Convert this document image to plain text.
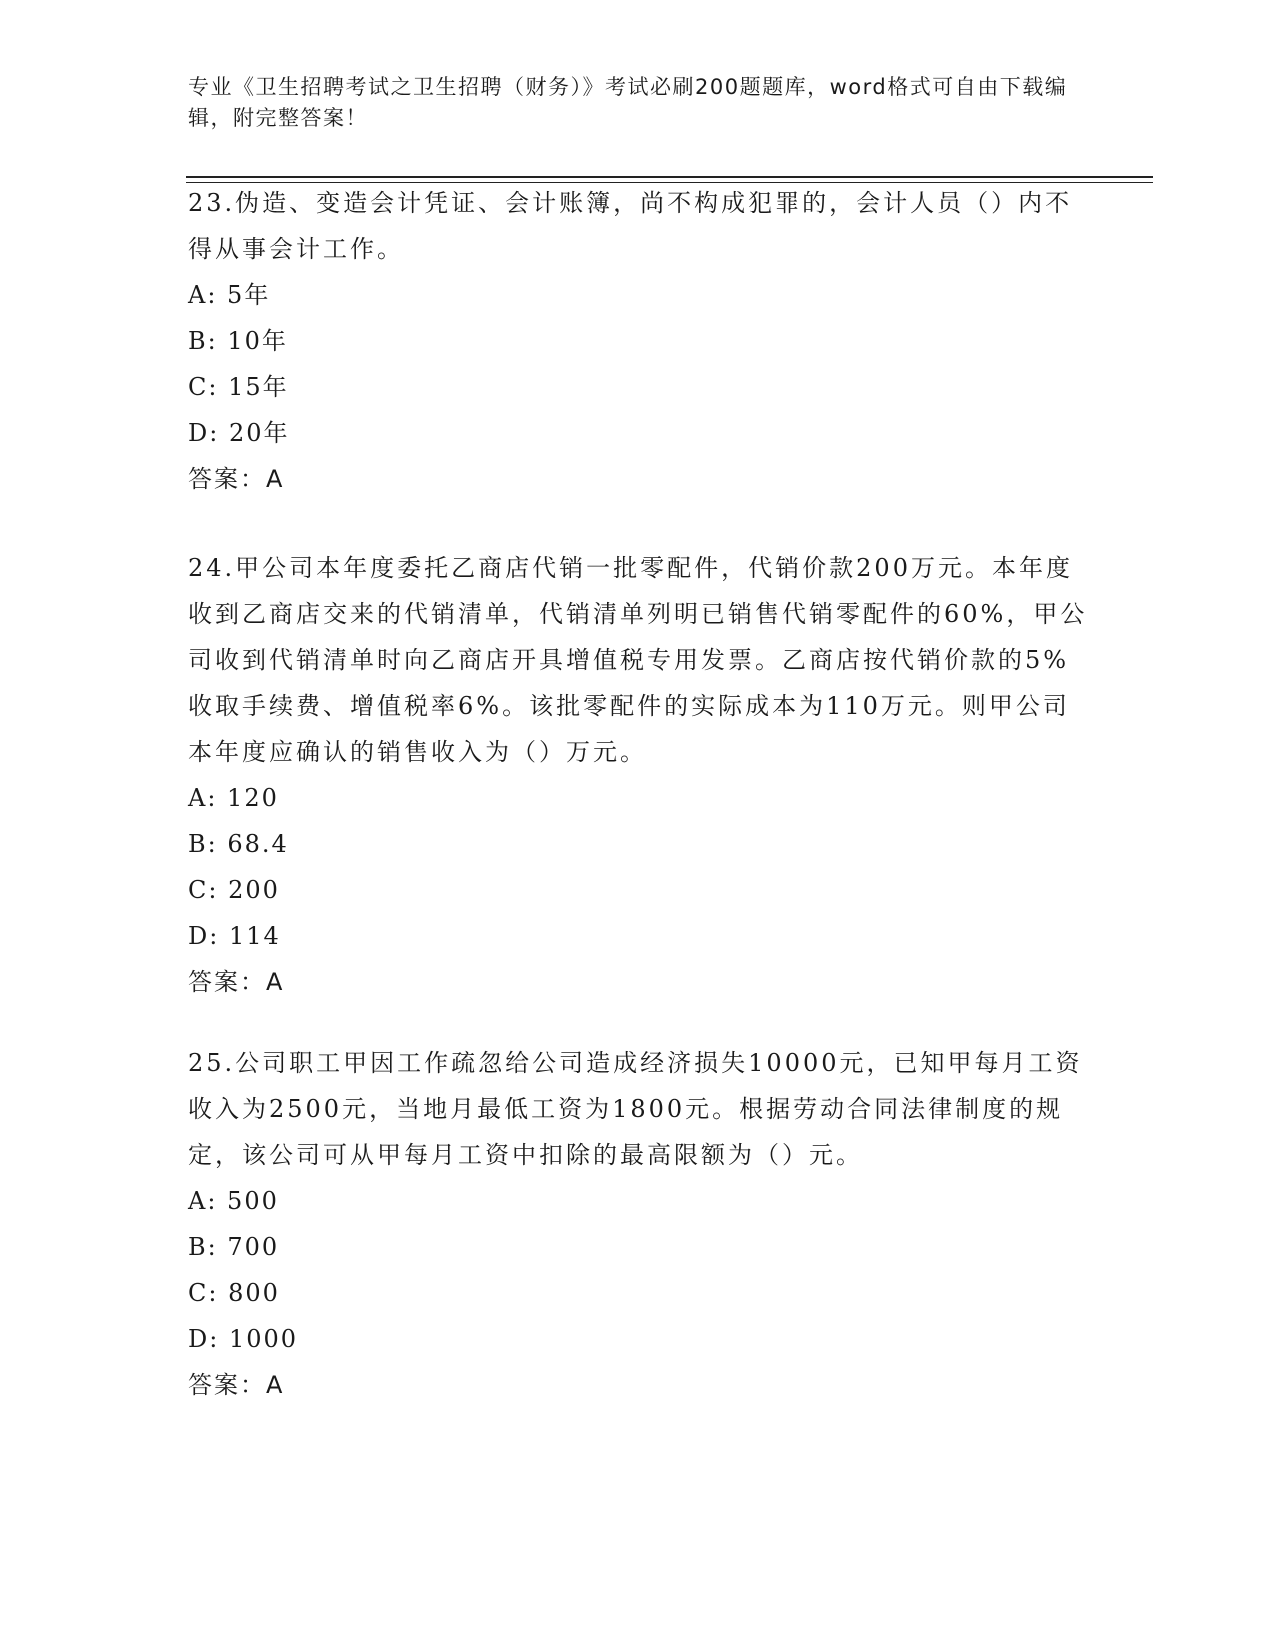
专业《卫生招聘考试之卫生招聘（财务）》考试必刷200题题库，word格式可自由下载编辑，附完整答案！
23.伪造、变造会计凭证、会计账簿，尚不构成犯罪的，会计人员（）内不得从事会计工作。
A: 5年
B: 10年
C: 15年
D: 20年
答案：A
24.甲公司本年度委托乙商店代销一批零配件，代销价款200万元。本年度收到乙商店交来的代销清单，代销清单列明已销售代销零配件的60%，甲公司收到代销清单时向乙商店开具增值税专用发票。乙商店按代销价款的5%收取手续费、增值税率6%。该批零配件的实际成本为110万元。则甲公司本年度应确认的销售收入为（）万元。
A: 120
B: 68.4
C: 200
D: 114
答案：A
25.公司职工甲因工作疏忽给公司造成经济损失10000元，已知甲每月工资收入为2500元，当地月最低工资为1800元。根据劳动合同法律制度的规定，该公司可从甲每月工资中扣除的最高限额为（）元。
A: 500
B: 700
C: 800
D: 1000
答案：A
